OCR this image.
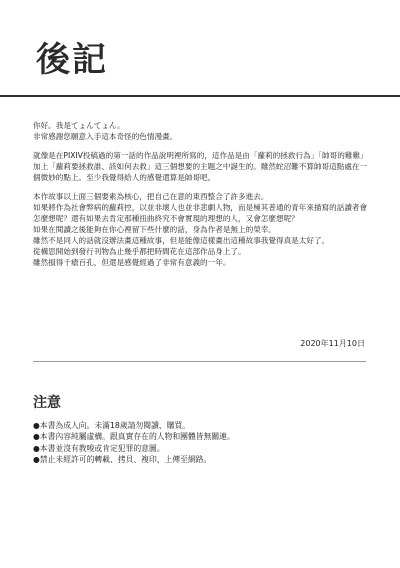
後記

你好。我是てょんてょん。
非常感謝您願意入手這本奇怪的色情漫畫。

就像是在PIXIV投稿過的第一話的作品說明裡所寫的，這作品是由「蘿莉的拯救行為」「帥哥的雞雞」加上「蘿莉要拯救誰、該如何去救」這三個想要的主題之中誕生的。雖然蛇沼難不算帥哥這點處在一個微妙的點上。至少我覺得給人的感覺還算是帥哥吧。

本作故事以上面三個要素為核心，把自己在意的東西整合了許多進去。
如果將作為社會弊病的蘿莉控，以並非壞人也並非悲劇人物，而是極其普通的青年來描寫的話讀者會怎麼想呢？還有如果去肯定那種扭曲終究不會實現的理想的人，又會怎麼想呢？
如果在閱讀之後能夠在你心裡留下些什麼的話，身為作者是無上的榮幸。
雖然不是同人的話就沒辦法畫這種故事，但是能像這樣畫出這種故事我覺得真是太好了。
從構思開始到發行刊物為止幾乎都把時間花在這部作品身上了。
雖然損得千瘡百孔，但還是感覺經過了非常有意義的一年。

2020年11月10日
注意
●本書為成人向。未滿18歲請勿閱讀、購買。
●本書內容純屬虛構。跟真實存在的人物和團體皆無關連。
●本書並沒有教唆或肯定犯罪的意圖。
●禁止未經許可的轉載、拷貝、複印、上傳至網路。
